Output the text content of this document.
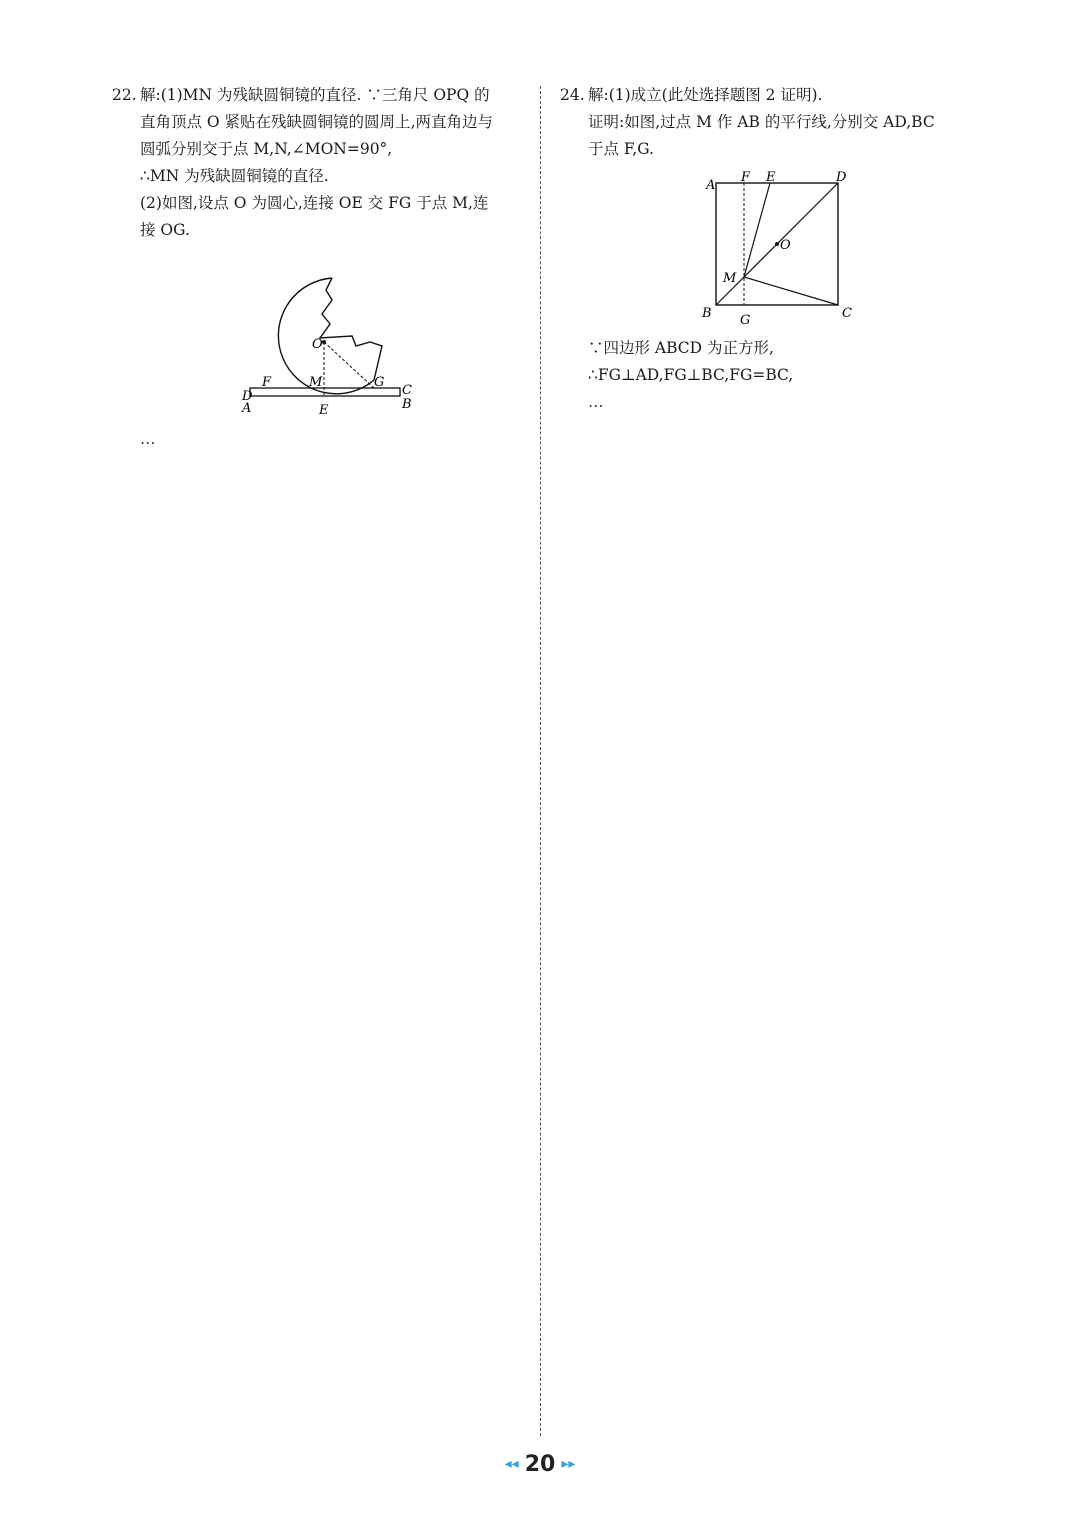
22. 解:(1)MN 为残缺圆铜镜的直径. ∵三角尺 OPQ 的
直角顶点 O 紧贴在残缺圆铜镜的圆周上,两直角边与
圆弧分别交于点 M,N,∠MON=90°,
∴MN 为残缺圆铜镜的直径.
(2)如图,设点 O 为圆心,连接 OE 交 FG 于点 M,连
接 OG.
O
D
F	M	G
C
A	E	B
…
24. 解:(1)成立(此处选择题图 2 证明).
证明:如图,过点 M 作 AB 的平行线,分别交 AD,BC
于点 F,G.
A
F E	D
O
M
B G	C
∵四边形 ABCD 为正方形,
∴FG⊥AD,FG⊥BC,FG=BC,
…
◂◂ 20 ▸▸
